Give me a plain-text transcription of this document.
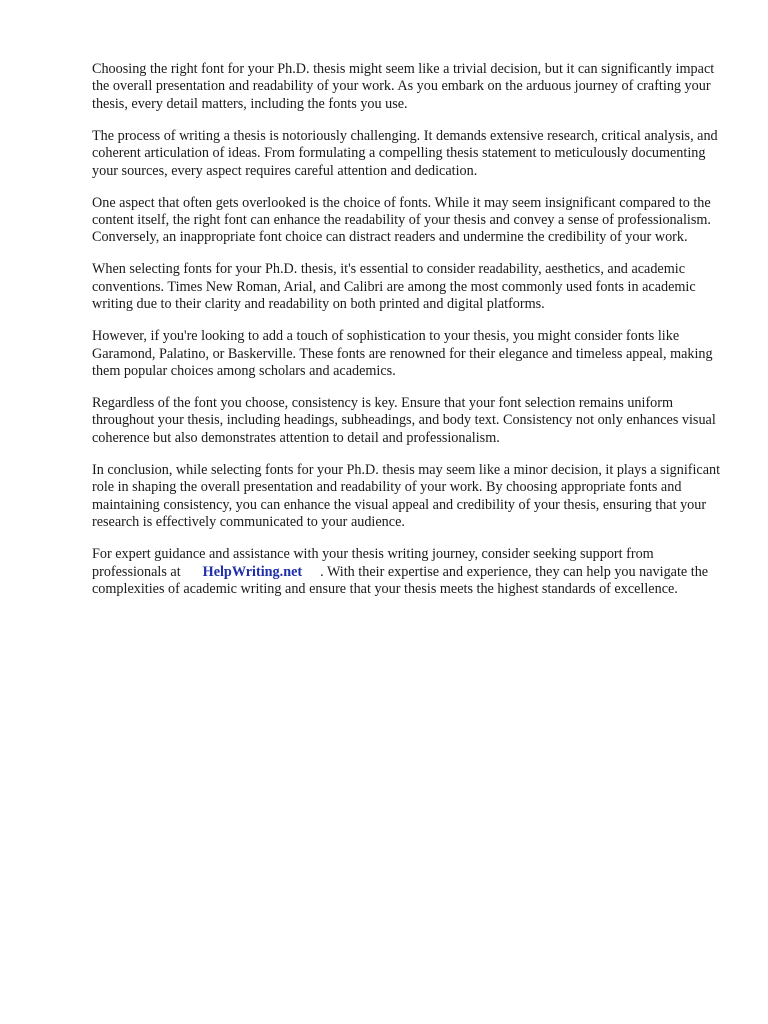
Choosing the right font for your Ph.D. thesis might seem like a trivial decision, but it can significantly impact the overall presentation and readability of your work. As you embark on the arduous journey of crafting your thesis, every detail matters, including the fonts you use.

The process of writing a thesis is notoriously challenging. It demands extensive research, critical analysis, and coherent articulation of ideas. From formulating a compelling thesis statement to meticulously documenting your sources, every aspect requires careful attention and dedication.

One aspect that often gets overlooked is the choice of fonts. While it may seem insignificant compared to the content itself, the right font can enhance the readability of your thesis and convey a sense of professionalism. Conversely, an inappropriate font choice can distract readers and undermine the credibility of your work.

When selecting fonts for your Ph.D. thesis, it's essential to consider readability, aesthetics, and academic conventions. Times New Roman, Arial, and Calibri are among the most commonly used fonts in academic writing due to their clarity and readability on both printed and digital platforms.

However, if you're looking to add a touch of sophistication to your thesis, you might consider fonts like Garamond, Palatino, or Baskerville. These fonts are renowned for their elegance and timeless appeal, making them popular choices among scholars and academics.

Regardless of the font you choose, consistency is key. Ensure that your font selection remains uniform throughout your thesis, including headings, subheadings, and body text. Consistency not only enhances visual coherence but also demonstrates attention to detail and professionalism.

In conclusion, while selecting fonts for your Ph.D. thesis may seem like a minor decision, it plays a significant role in shaping the overall presentation and readability of your work. By choosing appropriate fonts and maintaining consistency, you can enhance the visual appeal and credibility of your thesis, ensuring that your research is effectively communicated to your audience.

For expert guidance and assistance with your thesis writing journey, consider seeking support from professionals at HelpWriting.net . With their expertise and experience, they can help you navigate the complexities of academic writing and ensure that your thesis meets the highest standards of excellence.
